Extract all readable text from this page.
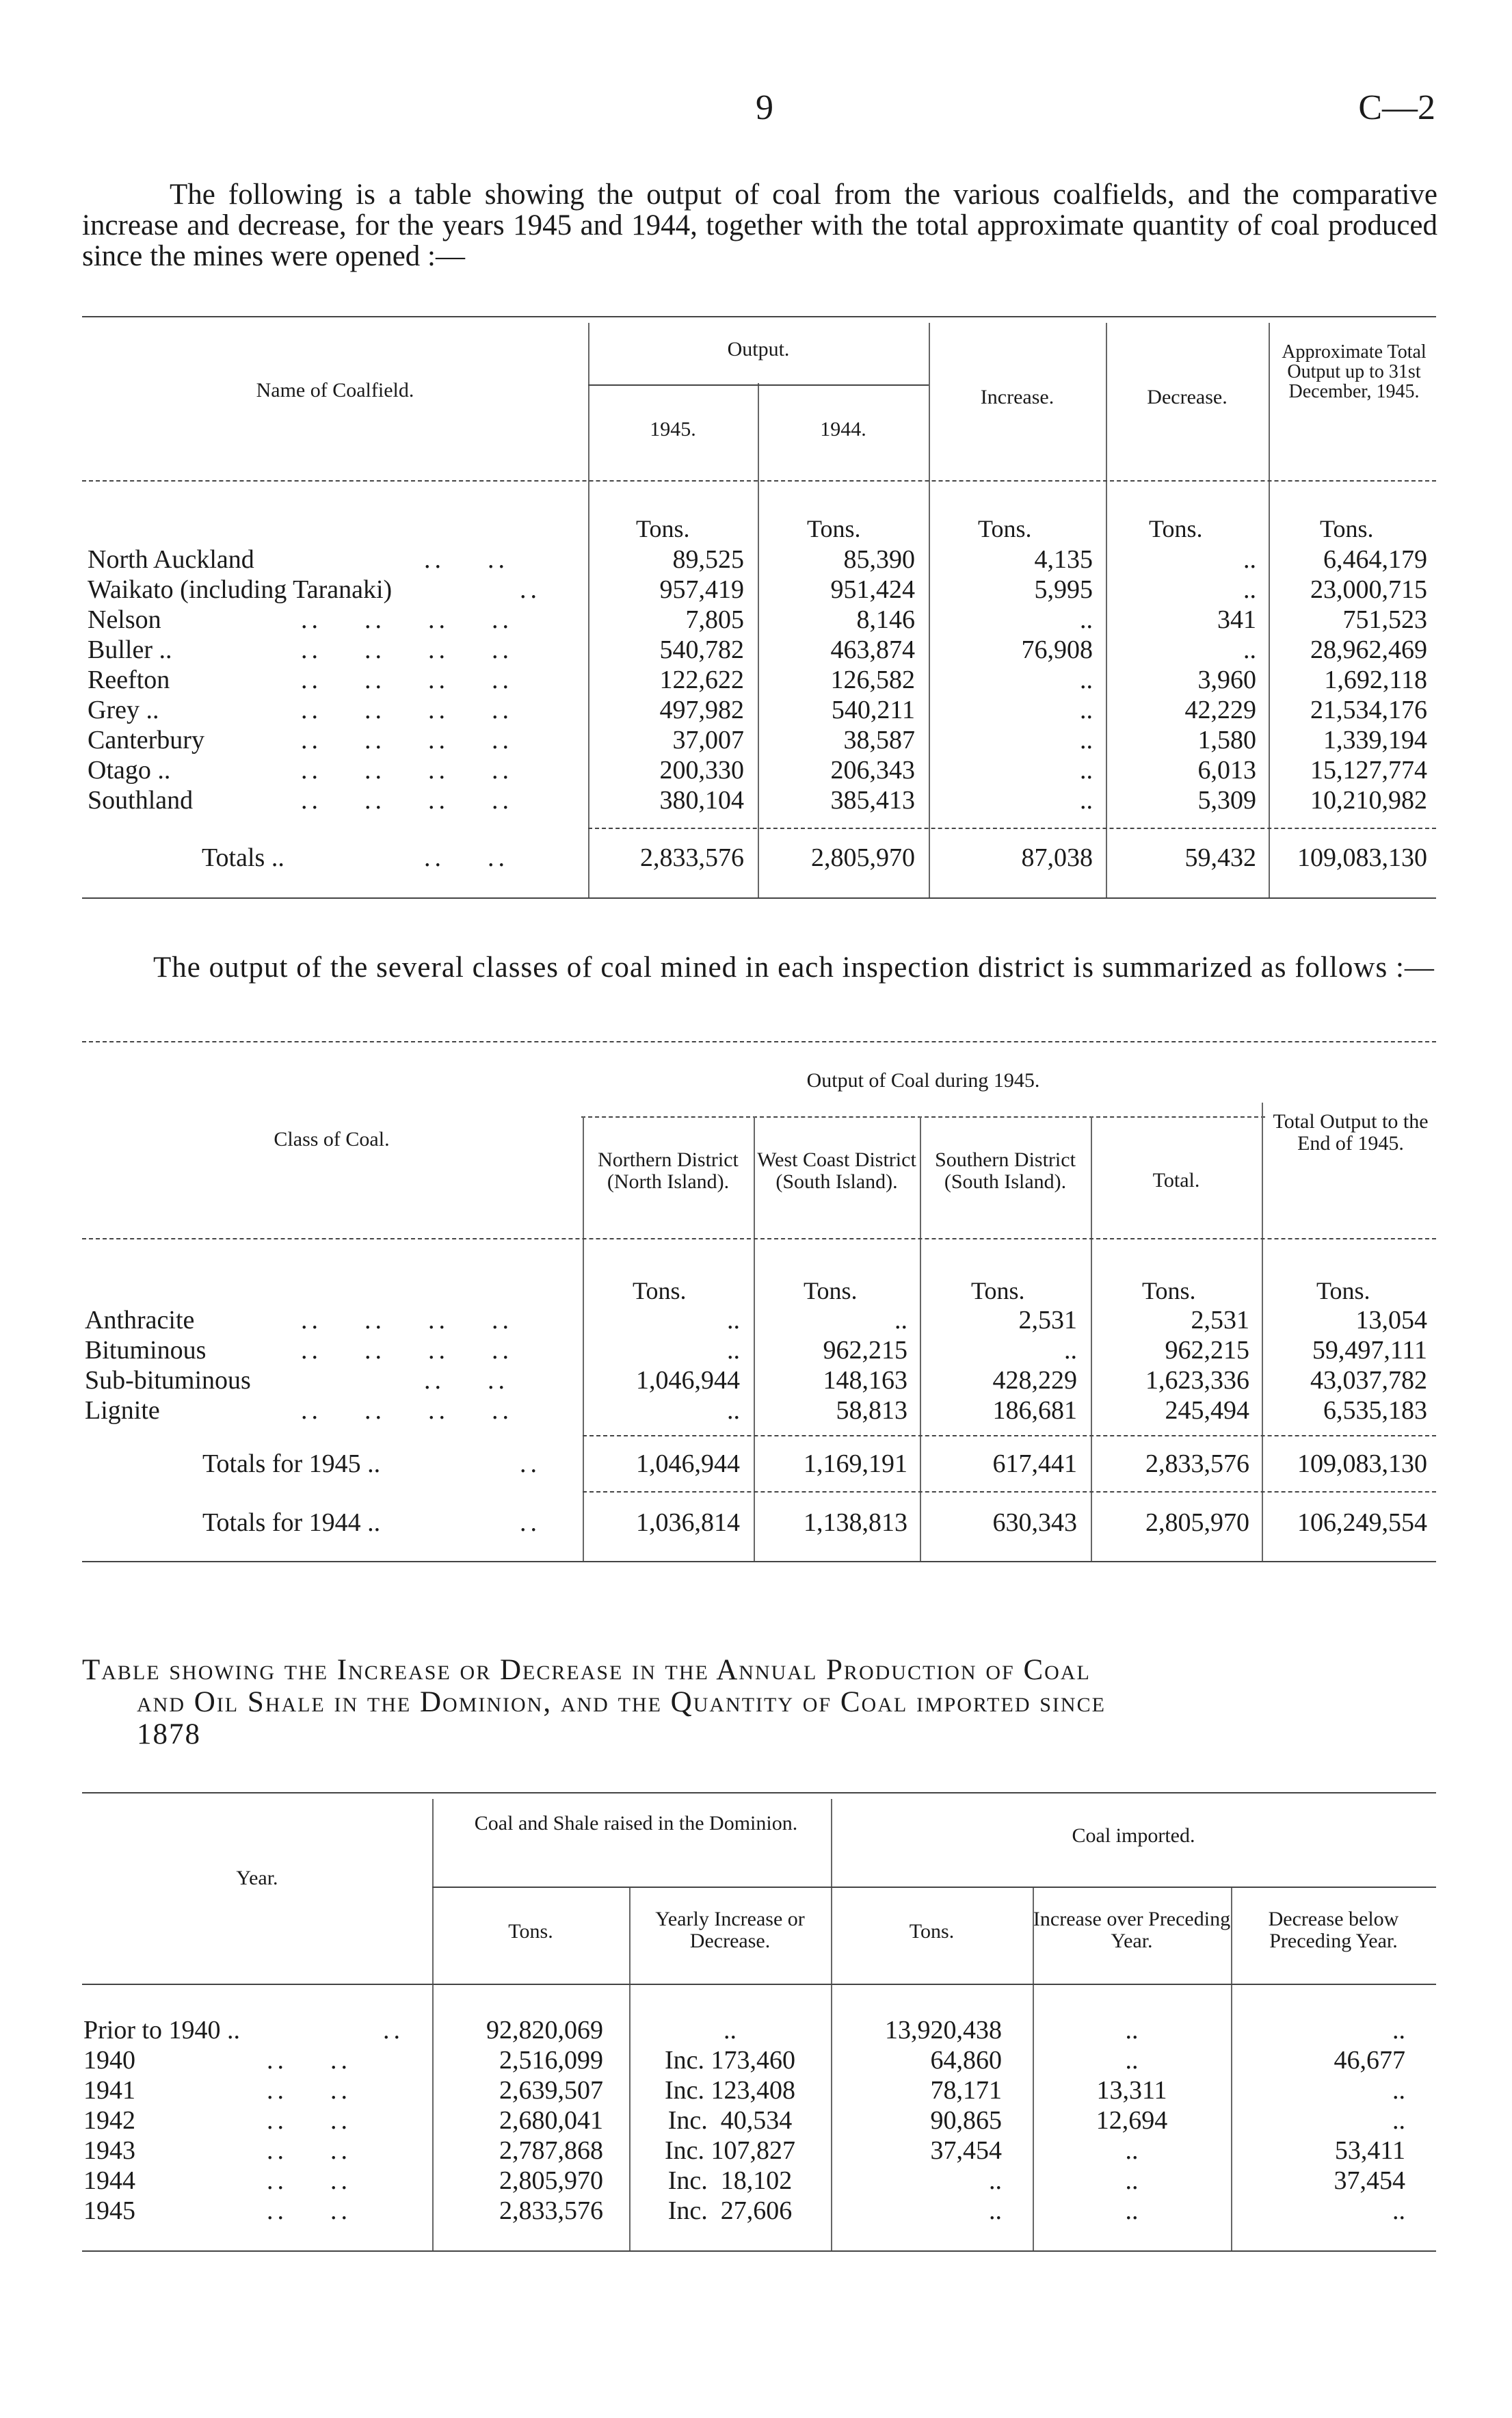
9	C—2
The following is a table showing the output of coal from the various coalfields, and the comparative increase and decrease, for the years 1945 and 1944, together with the total approximate quantity of coal produced since the mines were opened :—
Name of Coalfield.
Output.
1945.	1944.
Increase.	Decrease.
Approximate Total Output up to 31st December, 1945.
Tons.	Tons.	Tons.	Tons.	Tons.
North Auckland	..    ..	89,525	85,390	4,135	..	6,464,179
Waikato (including Taranaki)	..	957,419	951,424	5,995	..	23,000,715
Nelson	..    ..    ..    ..	7,805	8,146	..	341	751,523
Buller ..	..    ..    ..    ..	540,782	463,874	76,908	..	28,962,469
Reefton	..    ..    ..    ..	122,622	126,582	..	3,960	1,692,118
Grey ..	..    ..    ..    ..	497,982	540,211	..	42,229	21,534,176
Canterbury	..    ..    ..    ..	37,007	38,587	..	1,580	1,339,194
Otago ..	..    ..    ..    ..	200,330	206,343	..	6,013	15,127,774
Southland	..    ..    ..    ..	380,104	385,413	..	5,309	10,210,982
Totals ..	..    ..	2,833,576	2,805,970	87,038	59,432	109,083,130
The output of the several classes of coal mined in each inspection district is summarized as follows :—
Output of Coal during 1945.
Class of Coal.
Northern District (North Island).
West Coast District (South Island).
Southern District (South Island).	Total.
Total Output to the End of 1945.
Tons.	Tons.	Tons.	Tons.	Tons.
Anthracite	..    ..    ..    ..	..	..	2,531	2,531	13,054
Bituminous	..    ..    ..    ..	..	962,215	..	962,215	59,497,111
Sub-bituminous	..    ..	1,046,944	148,163	428,229	1,623,336	43,037,782
Lignite	..    ..    ..    ..	..	58,813	186,681	245,494	6,535,183
Totals for 1945 ..	..	1,046,944	1,169,191	617,441	2,833,576	109,083,130
Totals for 1944 ..	..	1,036,814	1,138,813	630,343	2,805,970	106,249,554
Table showing the Increase or Decrease in the Annual Production of Coal
and Oil Shale in the Dominion, and the Quantity of Coal imported since
1878
Year.
Coal and Shale raised in the Dominion.
Tons.
Yearly Increase or Decrease.
Coal imported.
Tons.
Increase over Preceding Year.
Decrease below Preceding Year.
Prior to 1940 ..	..	92,820,069	..	13,920,438	..	..
1940	..    ..	2,516,099	Inc. 173,460	64,860	..	46,677
1941	..    ..	2,639,507	Inc. 123,408	78,171	13,311	..
1942	..    ..	2,680,041	Inc.  40,534	90,865	12,694	..
1943	..    ..	2,787,868	Inc. 107,827	37,454	..	53,411
1944	..    ..	2,805,970	Inc.  18,102	..	..	37,454
1945	..    ..	2,833,576	Inc.  27,606	..	..	..
